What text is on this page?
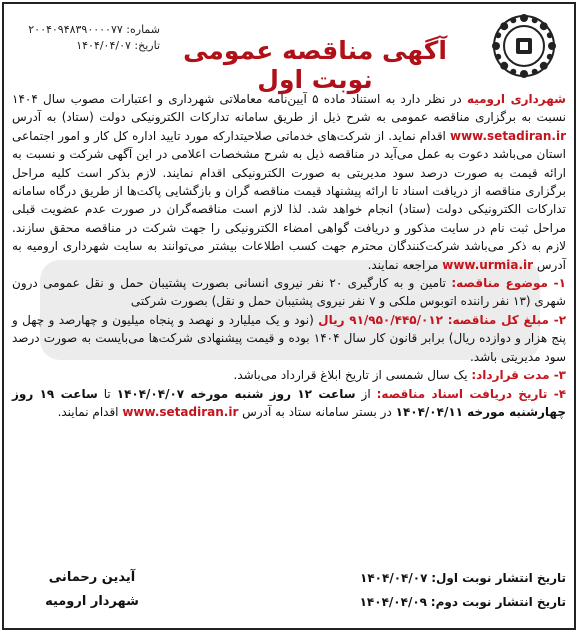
شماره: ۲۰۰۴۰۹۴۸۳۹۰۰۰۰۷۷
تاریخ: ۱۴۰۴/۰۴/۰۷	آگهی مناقصه عمومی نوبت اول

شهرداری ارومیه در نظر دارد به استناد ماده ۵ آیین‌نامه معاملاتی شهرداری و اعتبارات مصوب سال ۱۴۰۴ نسبت به برگزاری مناقصه عمومی به شرح ذیل از طریق سامانه تدارکات الکترونیکی دولت (ستاد) به آدرس www.setadiran.ir اقدام نماید. از شرکت‌های خدماتی صلاحیتدارکه مورد تایید اداره کل کار و امور اجتماعی استان می‌باشد دعوت به عمل می‌آید در مناقصه ذیل به شرح مشخصات اعلامی در این آگهی شرکت و نسبت به ارائه قیمت به صورت درصد سود مدیریتی به صورت الکترونیکی اقدام نمایند. لازم بذکر است کلیه مراحل برگزاری مناقصه از دریافت اسناد تا ارائه پیشنهاد قیمت مناقصه گران و بازگشایی پاکت‌ها از طریق درگاه سامانه تدارکات الکترونیکی دولت (ستاد) انجام خواهد شد. لذا لازم است مناقصه‌گران در صورت عدم عضویت قبلی مراحل ثبت نام در سایت مذکور و دریافت گواهی امضاء الکترونیکی را جهت شرکت در مناقصه محقق سازند. لازم به ذکر می‌باشد شرکت‌کنندگان محترم جهت کسب اطلاعات بیشتر می‌توانند به سایت شهرداری ارومیه به آدرس www.urmia.ir مراجعه نمایند.

۱- موضوع مناقصه: تامین و به کارگیری ۲۰ نفر نیروی انسانی بصورت پشتیبان حمل و نقل عمومی درون شهری (۱۳ نفر راننده اتوبوس ملکی و ۷ نفر نیروی پشتیبان حمل و نقل) بصورت شرکتی

۲- مبلغ کل مناقصه: ۹۱/۹۵۰/۴۴۵/۰۱۲ ریال (نود و یک میلیارد و نهصد و پنجاه میلیون و چهارصد و چهل و پنج هزار و دوازده ریال) برابر قانون کار سال ۱۴۰۴ بوده و قیمت پیشنهادی شرکت‌ها می‌بایست به صورت درصد سود مدیریتی باشد.

۳- مدت قرارداد: یک سال شمسی از تاریخ ابلاغ قرارداد می‌باشد.

۴- تاریخ دریافت اسناد مناقصه: از ساعت ۱۲ روز شنبه مورخه ۱۴۰۴/۰۴/۰۷ تا ساعت ۱۹ روز چهارشنبه مورخه ۱۴۰۴/۰۴/۱۱ در بستر سامانه ستاد به آدرس www.setadiran.ir اقدام نمایند.

تاریخ انتشار نوبت اول: ۱۴۰۴/۰۴/۰۷
تاریخ انتشار نوبت دوم: ۱۴۰۴/۰۴/۰۹
آیدین رحمانی
شهردار ارومیه
